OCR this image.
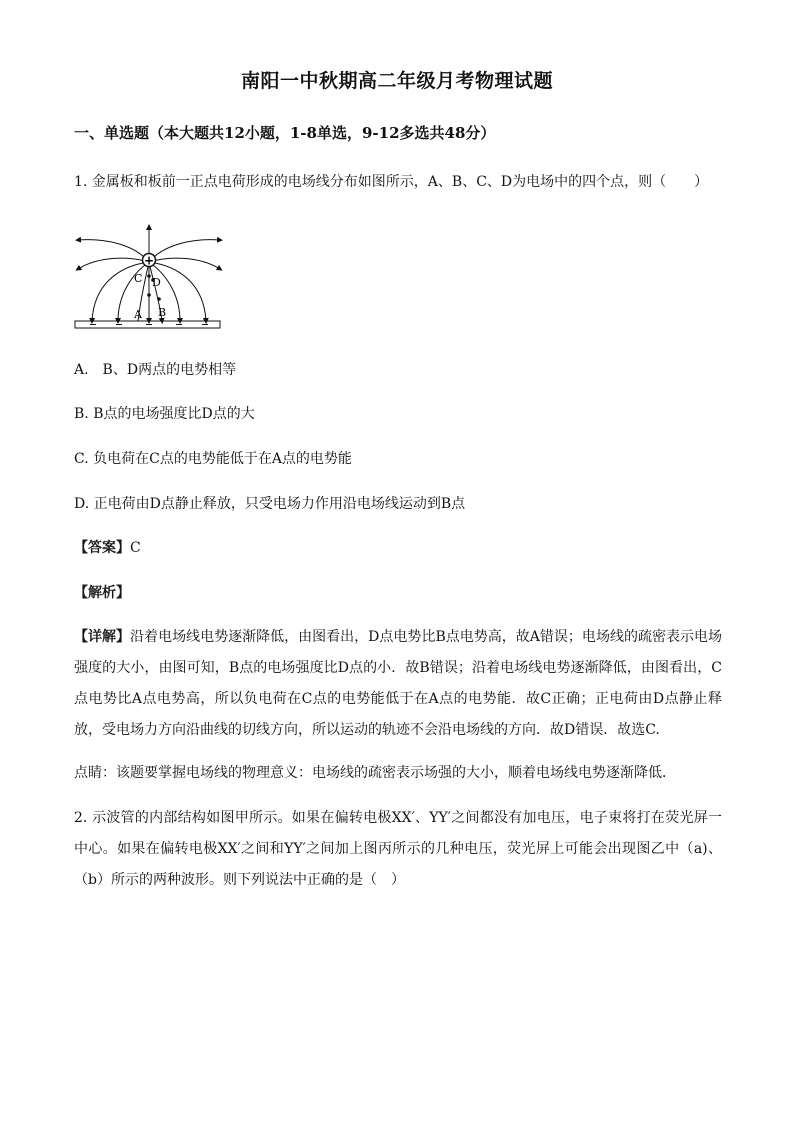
南阳一中秋期高二年级月考物理试题
一、单选题（本大题共12小题，1-8单选，9-12多选共48分）
1. 金属板和板前一正点电荷形成的电场线分布如图所示，A、B、C、D为电场中的四个点，则（　　）
+
C D
A B
A.　B、D两点的电势相等
B. B点的电场强度比D点的大
C. 负电荷在C点的电势能低于在A点的电势能
D. 正电荷由D点静止释放，只受电场力作用沿电场线运动到B点
【答案】C
【解析】
【详解】沿着电场线电势逐渐降低，由图看出，D点电势比B点电势高，故A错误；电场线的疏密表示电场强度的大小，由图可知，B点的电场强度比D点的小．故B错误；沿着电场线电势逐渐降低，由图看出，C点电势比A点电势高，所以负电荷在C点的电势能低于在A点的电势能．故C正确；正电荷由D点静止释放，受电场力方向沿曲线的切线方向，所以运动的轨迹不会沿电场线的方向．故D错误．故选C.
点睛：该题要掌握电场线的物理意义：电场线的疏密表示场强的大小，顺着电场线电势逐渐降低．
2. 示波管的内部结构如图甲所示。如果在偏转电极XX′、YY′之间都没有加电压，电子束将打在荧光屏一中心。如果在偏转电极XX′之间和YY′之间加上图丙所示的几种电压，荧光屏上可能会出现图乙中（a)、（b）所示的两种波形。则下列说法中正确的是（　）
